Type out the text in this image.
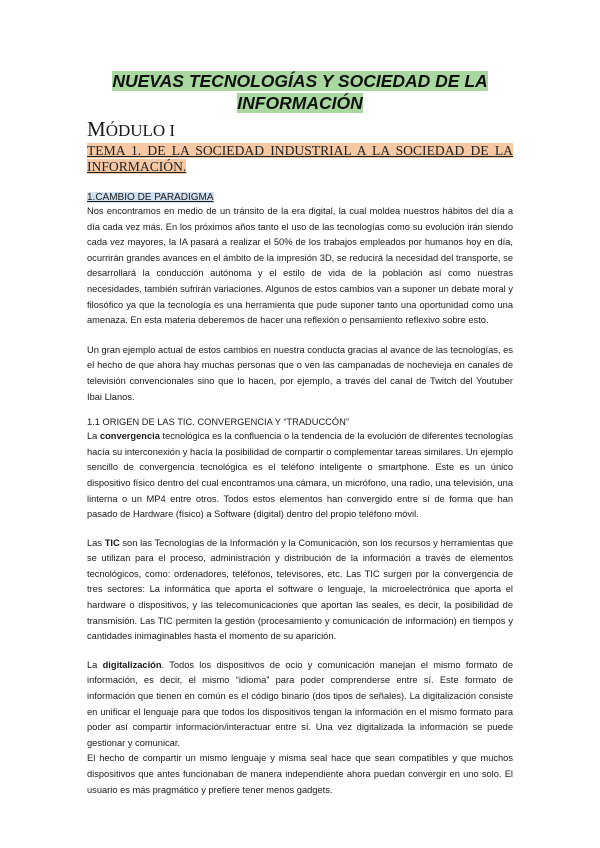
NUEVAS TECNOLOGÍAS Y SOCIEDAD DE LA INFORMACIÓN
MÓDULO I
TEMA 1. DE LA SOCIEDAD INDUSTRIAL A LA SOCIEDAD DE LA INFORMACIÓN.
1.CAMBIO DE PARADIGMA

Nos encontramos en medio de un tránsito de la era digital, la cual moldea nuestros hábitos del día a día cada vez más. En los próximos años tanto el uso de las tecnologías como su evolución irán siendo cada vez mayores, la IA pasará a realizar el 50% de los trabajos empleados por humanos hoy en día, ocurrirán grandes avances en el ámbito de la impresión 3D, se reducirá la necesidad del transporte, se desarrollará la conducción autónoma y el estilo de vida de la población así como nuestras necesidades, también sufrirán variaciones. Algunos de estos cambios van a suponer un debate moral y filosófico ya que la tecnología es una herramienta que pude suponer tanto una oportunidad como una amenaza. En esta materia deberemos de hacer una reflexión o pensamiento reflexivo sobre esto.

Un gran ejemplo actual de estos cambios en nuestra conducta gracias al avance de las tecnologías, es el hecho de que ahora hay muchas personas que o ven las campanadas de nochevieja en canales de televisión convencionales sino que lo hacen, por ejemplo, a través del canal de Twitch del Youtuber Ibai Llanos.

1.1 ORIGEN DE LAS TIC. CONVERGENCIA Y “TRADUCCÓN”

La convergencia tecnológica es la confluencia o la tendencia de la evolución de diferentes tecnologías hacía su interconexión y hacía la posibilidad de compartir o complementar tareas similares. Un ejemplo sencillo de convergencia tecnológica es el teléfono inteligente o smartphone. Este es un único dispositivo físico dentro del cual encontramos una cámara, un micrófono, una radio, una televisión, una linterna o un MP4 entre otros. Todos estos elementos han convergido entre sí de forma que han pasado de Hardware (físico) a Software (digital) dentro del propio teléfono móvil.

Las TIC son las Tecnologías de la Información y la Comunicación, son los recursos y herramientas que se utilizan para el proceso, administración y distribución de la información a través de elementos tecnológicos, como: ordenadores, teléfonos, televisores, etc. Las TIC surgen por la convergencia de tres sectores: La informática que aporta el software o lenguaje, la microelectrónica que aporta el hardware o dispositivos, y las telecomunicaciones que aportan las seales, es decir, la posibilidad de transmisión. Las TIC permiten la gestión (procesamiento y comunicación de información) en tiempos y cantidades inimaginables hasta el momento de su aparición.

La digitalización. Todos los dispositivos de ocio y comunicación manejan el mismo formato de información, es decir, el mismo “idioma” para poder comprenderse entre sí. Este formato de información que tienen en común es el código binario (dos tipos de señales). La digitalización consiste en unificar el lenguaje para que todos los dispositivos tengan la información en el mismo formato para poder así compartir información/interactuar entre sí. Una vez digitalizada la información se puede gestionar y comunicar.

El hecho de compartir un mismo lenguaje y misma seal hace que sean compatibles y que muchos dispositivos que antes funcionaban de manera independiente ahora puedan convergir en uno solo. El usuario es más pragmático y prefiere tener menos gadgets.
